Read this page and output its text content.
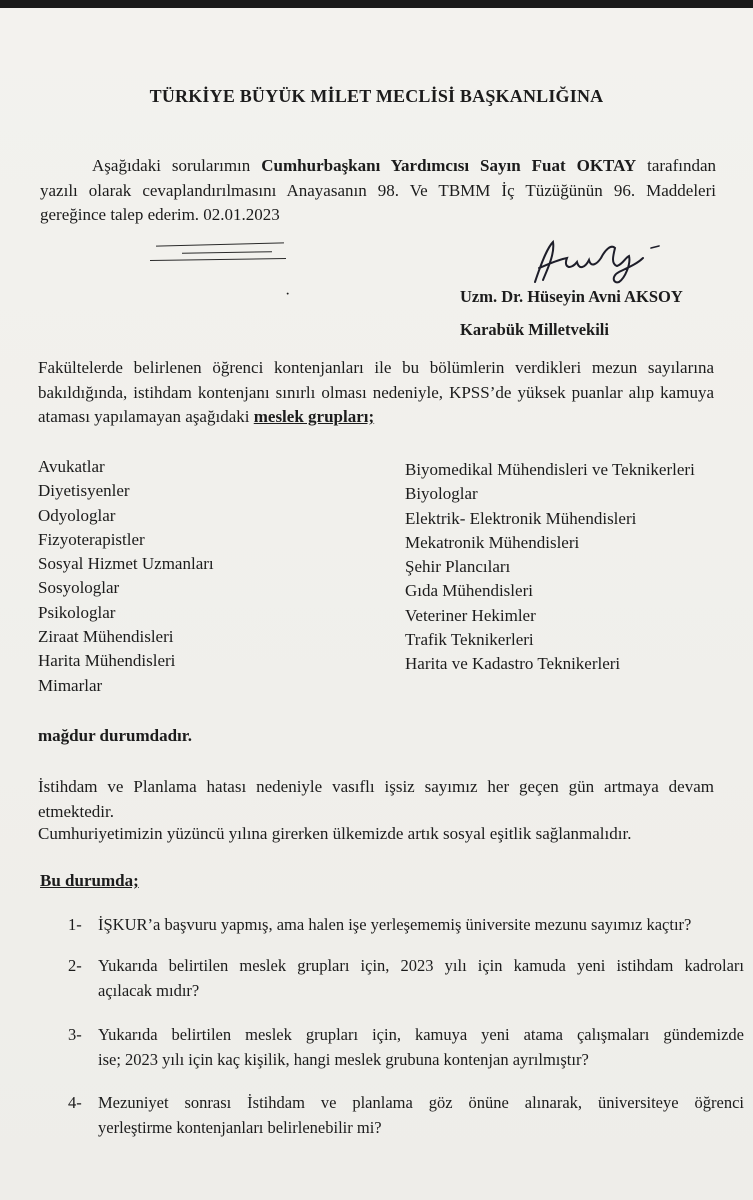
TÜRKİYE BÜYÜK MİLET MECLİSİ BAŞKANLIĞINA
Aşağıdaki sorularımın Cumhurbaşkanı Yardımcısı Sayın Fuat OKTAY tarafından
yazılı olarak cevaplandırılmasını Anayasanın 98. Ve TBMM İç Tüzüğünün 96. Maddeleri
gereğince talep ederim. 02.01.2023
·	Uzm. Dr. Hüseyin Avni AKSOY
Karabük Milletvekili
Fakültelerde belirlenen öğrenci kontenjanları ile bu bölümlerin verdikleri mezun sayılarına
bakıldığında, istihdam kontenjanı sınırlı olması nedeniyle, KPSS’de yüksek puanlar alıp kamuya
ataması yapılamayan aşağıdaki meslek grupları;
Avukatlar
Diyetisyenler
Odyologlar
Fizyoterapistler
Sosyal Hizmet Uzmanları
Sosyologlar
Psikologlar
Ziraat Mühendisleri
Harita Mühendisleri
Mimarlar
Biyomedikal Mühendisleri ve Teknikerleri
Biyologlar
Elektrik- Elektronik Mühendisleri
Mekatronik Mühendisleri
Şehir Plancıları
Gıda Mühendisleri
Veteriner Hekimler
Trafik Teknikerleri
Harita ve Kadastro Teknikerleri
mağdur durumdadır.
İstihdam ve Planlama hatası nedeniyle vasıflı işsiz sayımız her geçen gün artmaya devam
etmektedir.
Cumhuriyetimizin yüzüncü yılına girerken ülkemizde artık sosyal eşitlik sağlanmalıdır.
Bu durumda;
1- İŞKUR’a başvuru yapmış, ama halen işe yerleşememiş üniversite mezunu sayımız kaçtır?
2- Yukarıda belirtilen meslek grupları için, 2023 yılı için kamuda yeni istihdam kadroları
açılacak mıdır?
3- Yukarıda belirtilen meslek grupları için, kamuya yeni atama çalışmaları gündemizde
ise; 2023 yılı için kaç kişilik, hangi meslek grubuna kontenjan ayrılmıştır?
4- Mezuniyet sonrası İstihdam ve planlama göz önüne alınarak, üniversiteye öğrenci
yerleştirme kontenjanları belirlenebilir mi?
